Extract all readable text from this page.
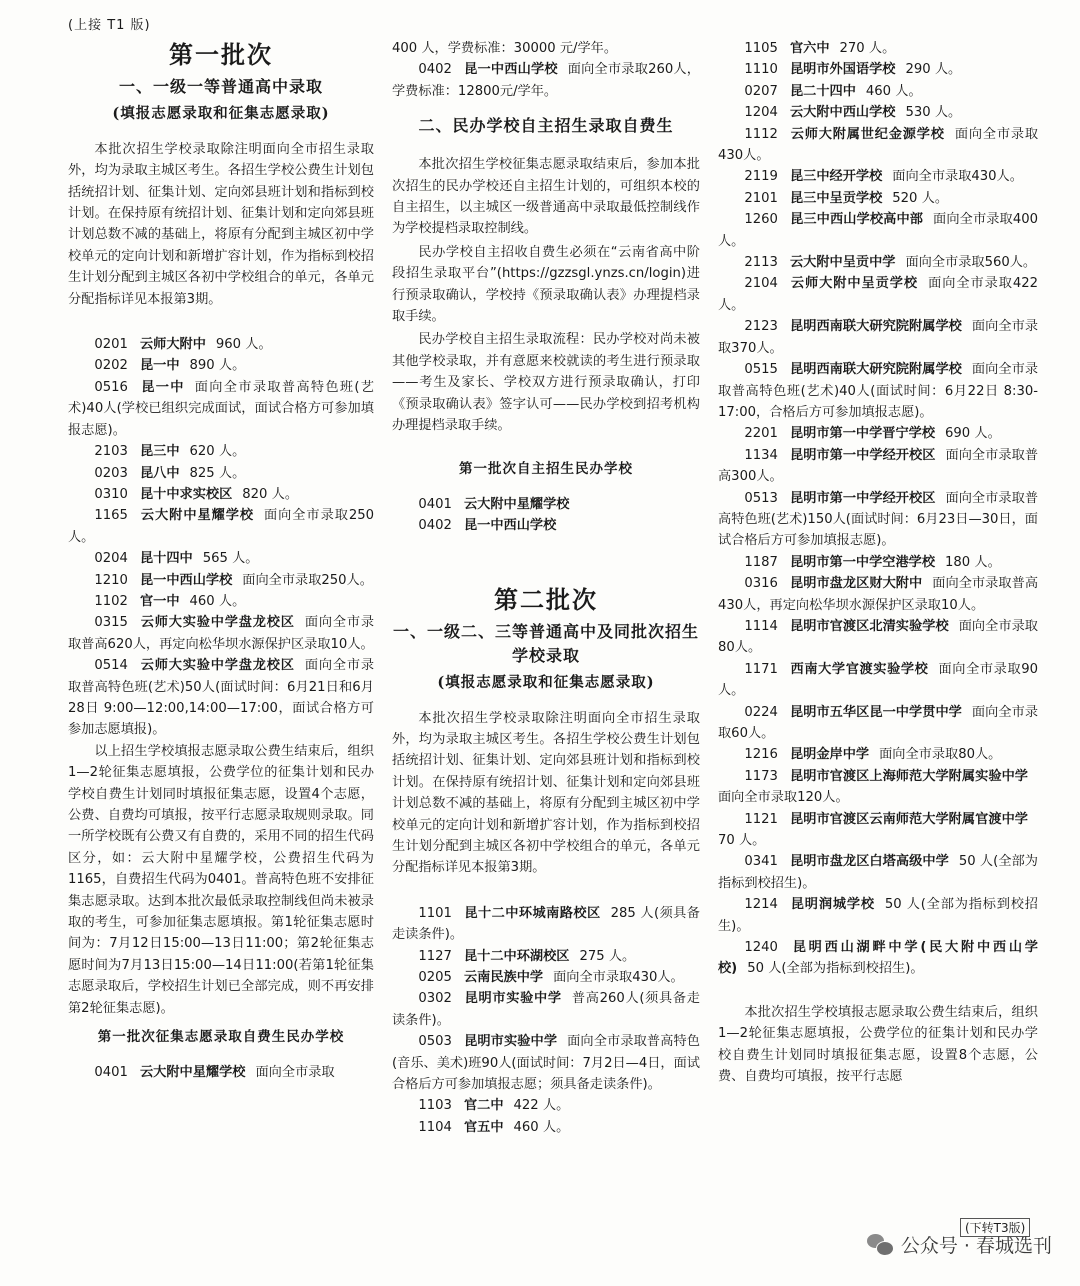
(上接 T1 版)
第一批次
一、一级一等普通高中录取
(填报志愿录取和征集志愿录取)
本批次招生学校录取除注明面向全市招生录取外，均为录取主城区考生。各招生学校公费生计划包括统招计划、征集计划、定向郊县班计划和指标到校计划。在保持原有统招计划、征集计划和定向郊县班计划总数不减的基础上，将原有分配到主城区初中学校单元的定向计划和新增扩容计划，作为指标到校招生计划分配到主城区各初中学校组合的单元，各单元分配指标详见本报第3期。
0201 云师大附中 960 人。
0202 昆一中 890 人。
0516 昆一中 面向全市录取普高特色班(艺术)40人(学校已组织完成面试，面试合格方可参加填报志愿)。
2103 昆三中 620 人。
0203 昆八中 825 人。
0310 昆十中求实校区 820 人。
1165 云大附中星耀学校 面向全市录取250人。
0204 昆十四中 565 人。
1210 昆一中西山学校 面向全市录取250人。
1102 官一中 460 人。
0315 云师大实验中学盘龙校区 面向全市录取普高620人，再定向松华坝水源保护区录取10人。
0514 云师大实验中学盘龙校区 面向全市录取普高特色班(艺术)50人(面试时间：6月21日和6月28日 9:00—12:00,14:00—17:00，面试合格方可参加志愿填报)。
以上招生学校填报志愿录取公费生结束后，组织1—2轮征集志愿填报，公费学位的征集计划和民办学校自费生计划同时填报征集志愿，设置4个志愿，公费、自费均可填报，按平行志愿录取规则录取。同一所学校既有公费又有自费的，采用不同的招生代码区分，如：云大附中星耀学校，公费招生代码为1165，自费招生代码为0401。普高特色班不安排征集志愿录取。达到本批次最低录取控制线但尚未被录取的考生，可参加征集志愿填报。第1轮征集志愿时间为：7月12日15:00—13日11:00；第2轮征集志愿时间为7月13日15:00—14日11:00(若第1轮征集志愿录取后，学校招生计划已全部完成，则不再安排第2轮征集志愿)。
第一批次征集志愿录取自费生民办学校
0401 云大附中星耀学校 面向全市录取
400 人，学费标准：30000 元/学年。
0402 昆一中西山学校 面向全市录取260人，学费标准：12800元/学年。
二、民办学校自主招生录取自费生
本批次招生学校征集志愿录取结束后，参加本批次招生的民办学校还自主招生计划的，可组织本校的自主招生，以主城区一级普通高中录取最低控制线作为学校提档录取控制线。
民办学校自主招收自费生必须在“云南省高中阶段招生录取平台”(https://gzzsgl.ynzs.cn/login)进行预录取确认，学校持《预录取确认表》办理提档录取手续。
民办学校自主招生录取流程：民办学校对尚未被其他学校录取，并有意愿来校就读的考生进行预录取——考生及家长、学校双方进行预录取确认，打印《预录取确认表》签字认可——民办学校到招考机构办理提档录取手续。
第一批次自主招生民办学校
0401 云大附中星耀学校
0402 昆一中西山学校
第二批次
一、一级二、三等普通高中及同批次招生学校录取
(填报志愿录取和征集志愿录取)
本批次招生学校录取除注明面向全市招生录取外，均为录取主城区考生。各招生学校公费生计划包括统招计划、征集计划、定向郊县班计划和指标到校计划。在保持原有统招计划、征集计划和定向郊县班计划总数不减的基础上，将原有分配到主城区初中学校单元的定向计划和新增扩容计划，作为指标到校招生计划分配到主城区各初中学校组合的单元，各单元分配指标详见本报第3期。
1101 昆十二中环城南路校区 285 人(须具备走读条件)。
1127 昆十二中环湖校区 275 人。
0205 云南民族中学 面向全市录取430人。
0302 昆明市实验中学 普高260人(须具备走读条件)。
0503 昆明市实验中学 面向全市录取普高特色(音乐、美术)班90人(面试时间：7月2日—4日，面试合格后方可参加填报志愿；须具备走读条件)。
1103 官二中 422 人。
1104 官五中 460 人。
1105 官六中 270 人。
1110 昆明市外国语学校 290 人。
0207 昆二十四中 460 人。
1204 云大附中西山学校 530 人。
1112 云师大附属世纪金源学校 面向全市录取430人。
2119 昆三中经开学校 面向全市录取430人。
2101 昆三中呈贡学校 520 人。
1260 昆三中西山学校高中部 面向全市录取400人。
2113 云大附中呈贡中学 面向全市录取560人。
2104 云师大附中呈贡学校 面向全市录取422人。
2123 昆明西南联大研究院附属学校 面向全市录取370人。
0515 昆明西南联大研究院附属学校 面向全市录取普高特色班(艺术)40人(面试时间：6月22日 8:30-17:00，合格后方可参加填报志愿)。
2201 昆明市第一中学晋宁学校 690 人。
1134 昆明市第一中学经开校区 面向全市录取普高300人。
0513 昆明市第一中学经开校区 面向全市录取普高特色班(艺术)150人(面试时间：6月23日—30日，面试合格后方可参加填报志愿)。
1187 昆明市第一中学空港学校 180 人。
0316 昆明市盘龙区财大附中 面向全市录取普高430人，再定向松华坝水源保护区录取10人。
1114 昆明市官渡区北清实验学校 面向全市录取80人。
1171 西南大学官渡实验学校 面向全市录取90人。
0224 昆明市五华区昆一中学贯中学 面向全市录取60人。
1216 昆明金岸中学 面向全市录取80人。
1173 昆明市官渡区上海师范大学附属实验中学面向全市录取120人。
1121 昆明市官渡区云南师范大学附属官渡中学70 人。
0341 昆明市盘龙区白塔高级中学 50 人(全部为指标到校招生)。
1214 昆明润城学校 50 人(全部为指标到校招生)。
1240 昆明西山湖畔中学(民大附中西山学校) 50 人(全部为指标到校招生)。
本批次招生学校填报志愿录取公费生结束后，组织1—2轮征集志愿填报，公费学位的征集计划和民办学校自费生计划同时填报征集志愿，设置8个志愿，公费、自费均可填报，按平行志愿
(下转T3版)
公众号 · 春城选刊
